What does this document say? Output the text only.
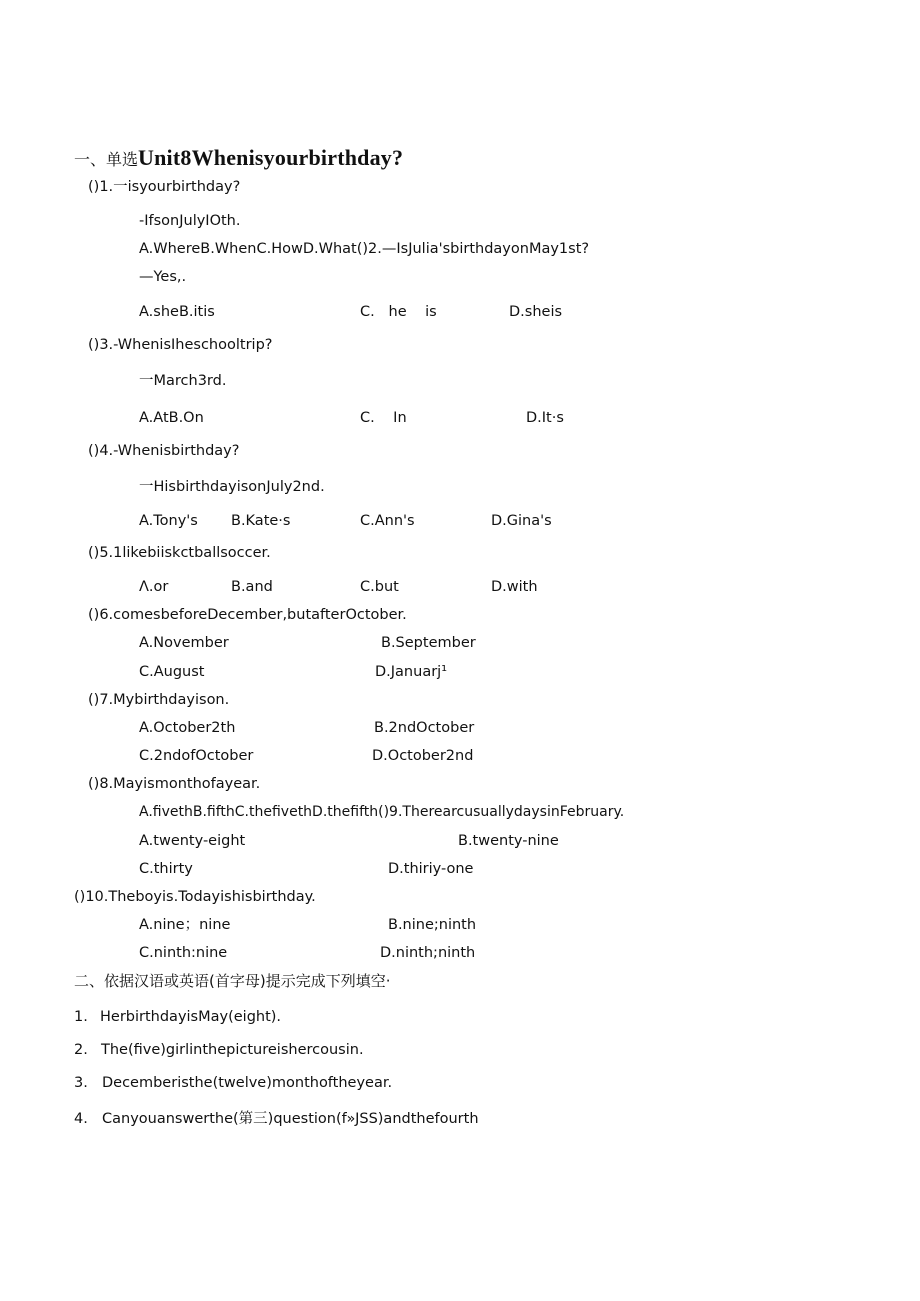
一、单选Unit8Whenisyourbirthday?
()1.一isyourbirthday?
-IfsonJulyIOth.
A.WhereB.WhenC.HowD.What()2.—IsJulia'sbirthdayonMay1st?
—Yes,.
A.sheB.itis	C.   he    is	D.sheis
()3.-WhenisIheschooltrip?
一March3rd.
A.AtB.On	C.    In	D.It·s
()4.-Whenisbirthday?
一HisbirthdayisonJuly2nd.
A.Tony's B.Kate·s	C.Ann's	D.Gina's
()5.1likebiiskctballsoccer.
Λ.or	B.and	C.but	D.with
()6.comesbeforeDecember,butafterOctober.
A.November	B.September
C.August	D.Januarj¹
()7.Mybirthdayison.
A.October2th	B.2ndOctober
C.2ndofOctober	D.October2nd
()8.Mayismonthofayear.
A.fivethB.fifthC.thefivethD.thefifth()9.TherearcusuallydaysinFebruary.
A.twenty-eight	B.twenty-nine
C.thirty	D.thiriy-one
()10.Theboyis.Todayishisbirthday.
A.nine；nine	B.nine;ninth
C.ninth:nine	D.ninth;ninth
二、依据汉语或英语(首字母)提示完成下列填空·
1. HerbirthdayisMay(eight).
2. The(five)girlinthepictureishercousin.
3. Decemberisthe(twelve)monthoftheyear.
4. Canyouanswerthe(第三)question(f»JSS)andthefourth
